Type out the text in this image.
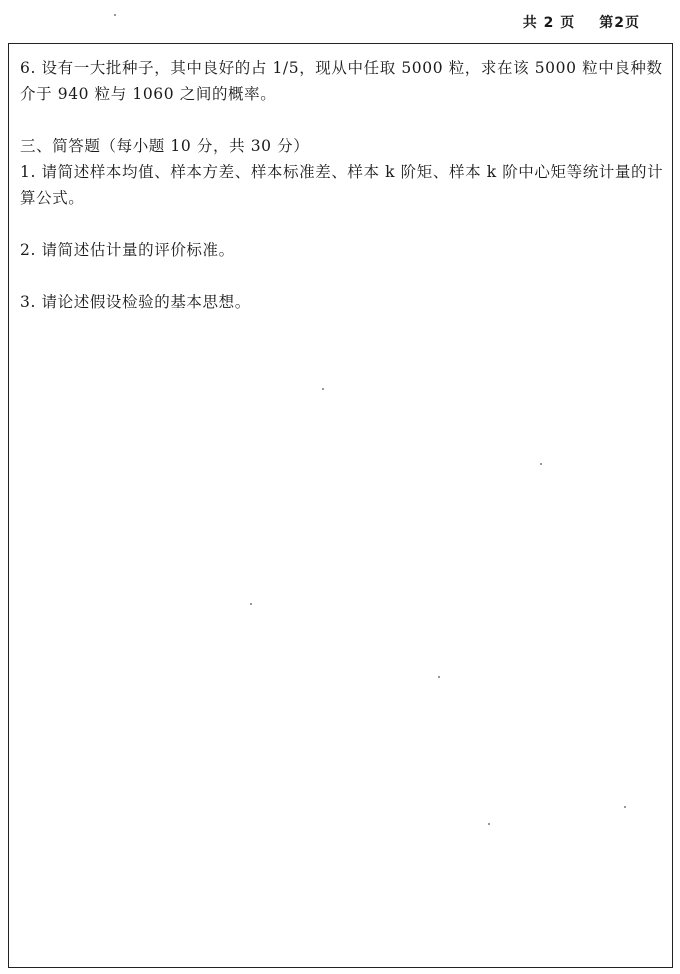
共 2 页 第2页

6. 设有一大批种子，其中良好的占 1/5，现从中任取 5000 粒，求在该 5000 粒中良种数介于 940 粒与 1060 之间的概率。

三、简答题（每小题 10 分，共 30 分）

1. 请简述样本均值、样本方差、样本标准差、样本 k 阶矩、样本 k 阶中心矩等统计量的计算公式。

2. 请简述估计量的评价标准。

3. 请论述假设检验的基本思想。
